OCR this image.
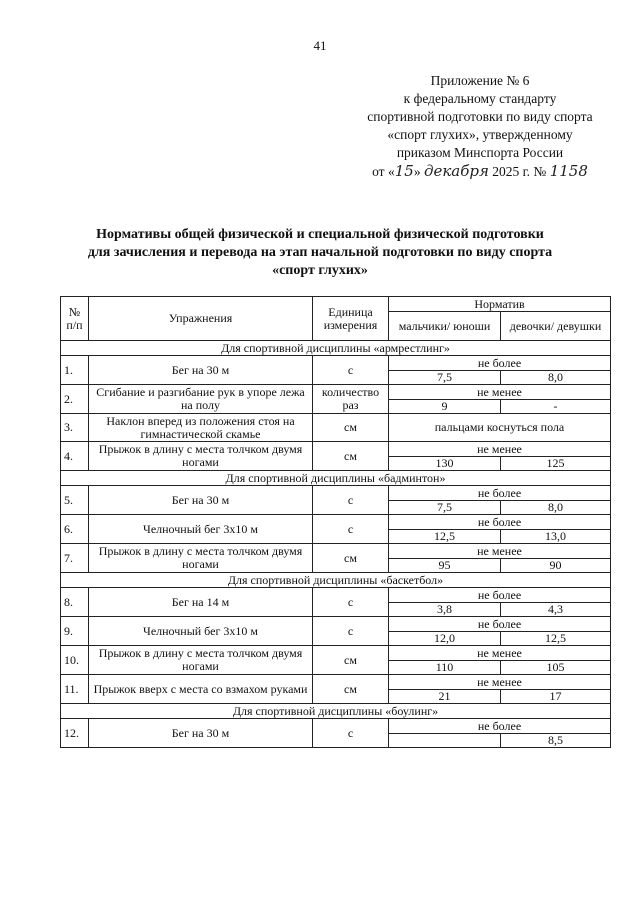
41
Приложение № 6
к федеральному стандарту
спортивной подготовки по виду спорта
«спорт глухих», утвержденному
приказом Минспорта России
от «15» декабря 2025 г. № 1158
Нормативы общей физической и специальной физической подготовки
для зачисления и перевода на этап начальной подготовки по виду спорта
«спорт глухих»
№ п/п	Упражнения	Единица измерения	Норматив	
			мальчики/ юноши	девочки/ девушки
Для спортивной дисциплины «армрестлинг»				
1.	Бег на 30 м	с	не более	
			7,5	8,0
2.	Сгибание и разгибание рук в упоре лежа на полу	количество раз	не менее	
			9	-
3.	Наклон вперед из положения стоя на гимнастической скамье	см	пальцами коснуться пола	
4.	Прыжок в длину с места толчком двумя ногами	см	не менее	
			130	125
Для спортивной дисциплины «бадминтон»				
5.	Бег на 30 м	с	не более	
			7,5	8,0
6.	Челночный бег 3х10 м	с	не более	
			12,5	13,0
7.	Прыжок в длину с места толчком двумя ногами	см	не менее	
			95	90
Для спортивной дисциплины «баскетбол»				
8.	Бег на 14 м	с	не более	
			3,8	4,3
9.	Челночный бег 3х10 м	с	не более	
			12,0	12,5
10.	Прыжок в длину с места толчком двумя ногами	см	не менее	
			110	105
11.	Прыжок вверх с места со взмахом руками	см	не менее	
			21	17
Для спортивной дисциплины «боулинг»				
12.	Бег на 30 м	с	не более	
				8,5
